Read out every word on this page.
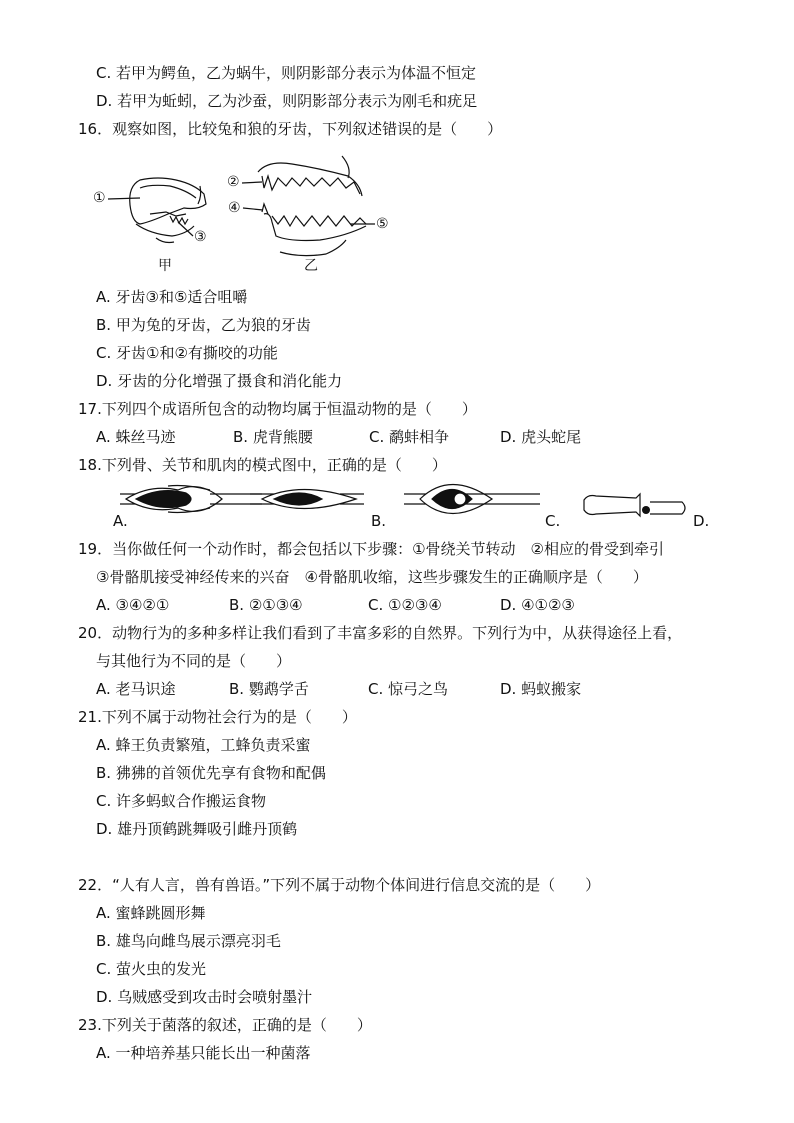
C. 若甲为鳄鱼，乙为蜗牛，则阴影部分表示为体温不恒定
D. 若甲为蚯蚓，乙为沙蚕，则阴影部分表示为刚毛和疣足
16．观察如图，比较兔和狼的牙齿，下列叙述错误的是（　　）
①
②
③
④
⑤
甲	乙
A. 牙齿③和⑤适合咀嚼
B. 甲为兔的牙齿，乙为狼的牙齿
C. 牙齿①和②有撕咬的功能
D. 牙齿的分化增强了摄食和消化能力
17.下列四个成语所包含的动物均属于恒温动物的是（　　）
A. 蛛丝马迹	B. 虎背熊腰	C. 鹬蚌相争	D. 虎头蛇尾
18.下列骨、关节和肌肉的模式图中，正确的是（　　）
A.	B.	C.	D.
19．当你做任何一个动作时，都会包括以下步骤：①骨绕关节转动　②相应的骨受到牵引
③骨骼肌接受神经传来的兴奋　④骨骼肌收缩，这些步骤发生的正确顺序是（　　）
A. ③④②①	B. ②①③④	C. ①②③④	D. ④①②③
20．动物行为的多种多样让我们看到了丰富多彩的自然界。下列行为中，从获得途径上看，
与其他行为不同的是（　　）
A. 老马识途	B. 鹦鹉学舌	C. 惊弓之鸟	D. 蚂蚁搬家
21.下列不属于动物社会行为的是（　　）
A. 蜂王负责繁殖，工蜂负责采蜜
B. 狒狒的首领优先享有食物和配偶
C. 许多蚂蚁合作搬运食物
D. 雄丹顶鹤跳舞吸引雌丹顶鹤
22．“人有人言，兽有兽语。”下列不属于动物个体间进行信息交流的是（　　）
A. 蜜蜂跳圆形舞
B. 雄鸟向雌鸟展示漂亮羽毛
C. 萤火虫的发光
D. 乌贼感受到攻击时会喷射墨汁
23.下列关于菌落的叙述，正确的是（　　）
A. 一种培养基只能长出一种菌落
